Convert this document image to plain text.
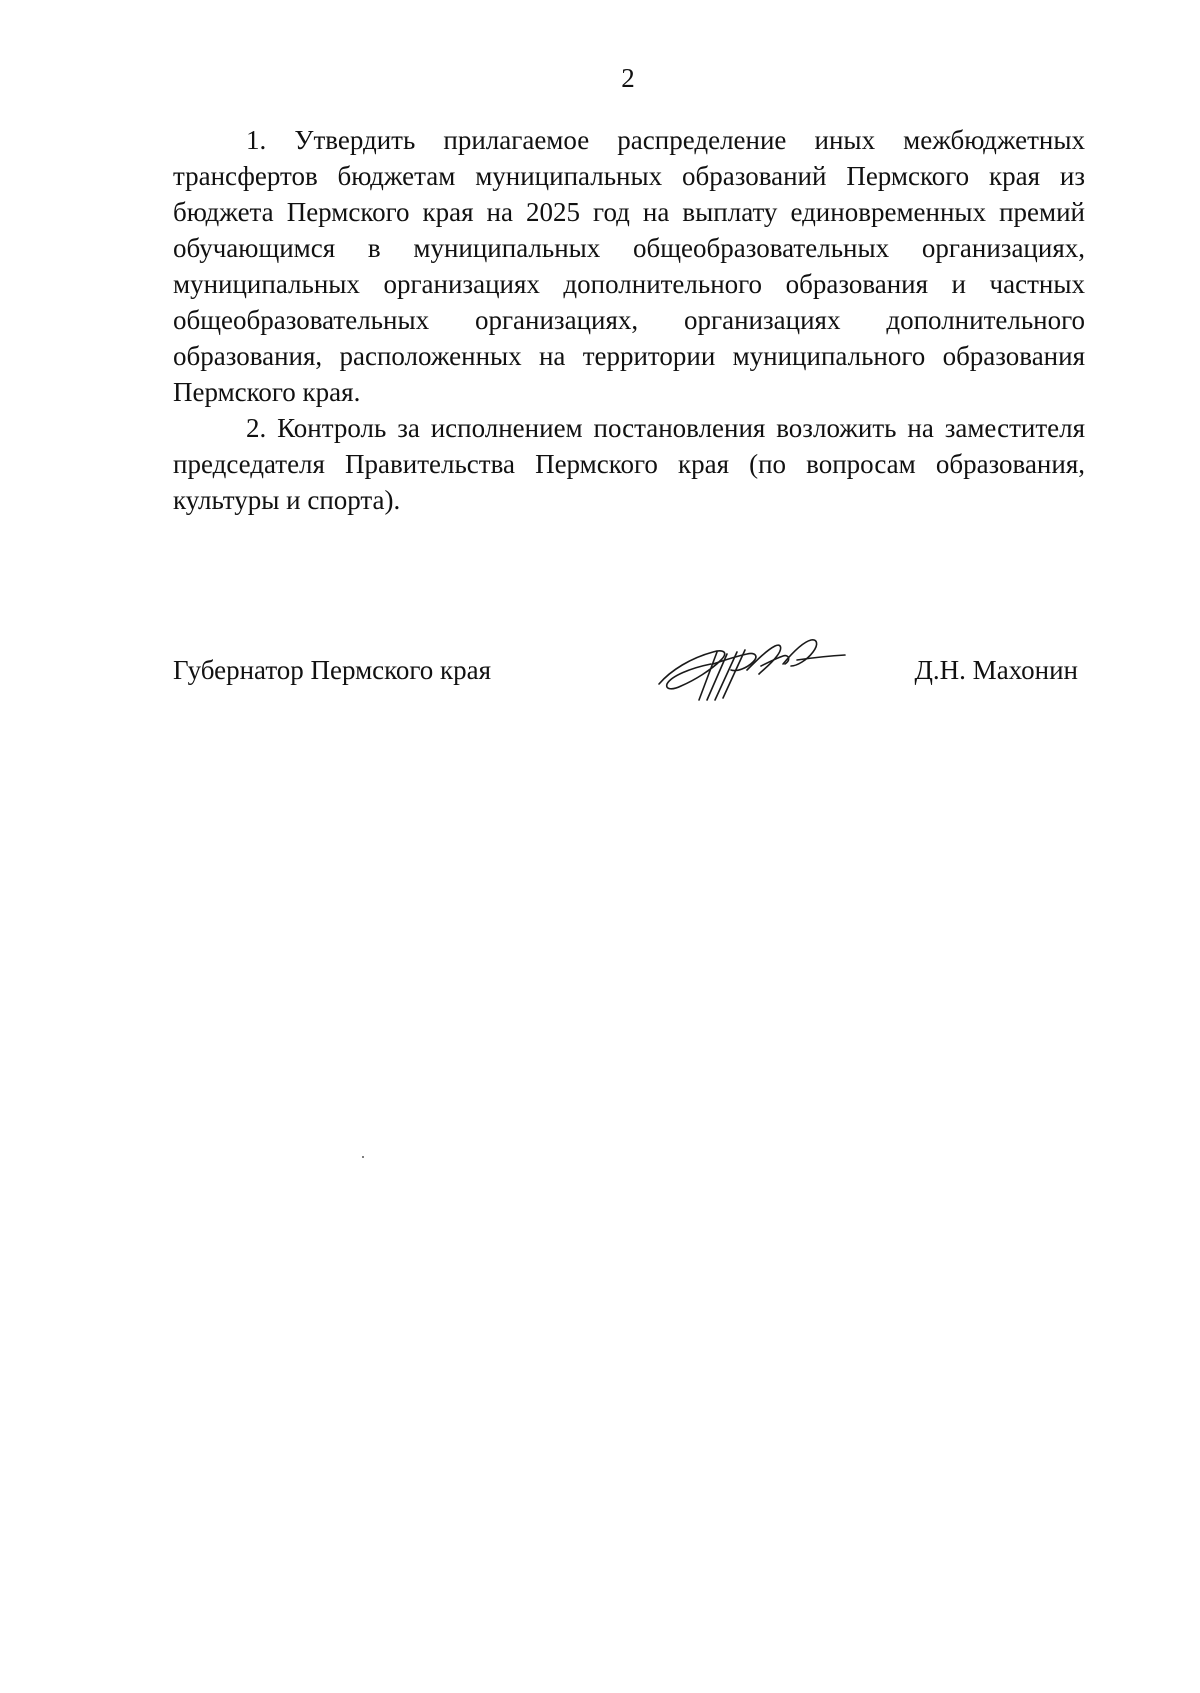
2

1. Утвердить прилагаемое распределение иных межбюджетных трансфертов бюджетам муниципальных образований Пермского края из бюджета Пермского края на 2025 год на выплату единовременных премий обучающимся в муниципальных общеобразовательных организациях, муниципальных организациях дополнительного образования и частных общеобразовательных организациях, организациях дополнительного образования, расположенных на территории муниципального образования Пермского края.

2. Контроль за исполнением постановления возложить на заместителя председателя Правительства Пермского края (по вопросам образования, культуры и спорта).

Губернатор Пермского края	Д.Н. Махонин
